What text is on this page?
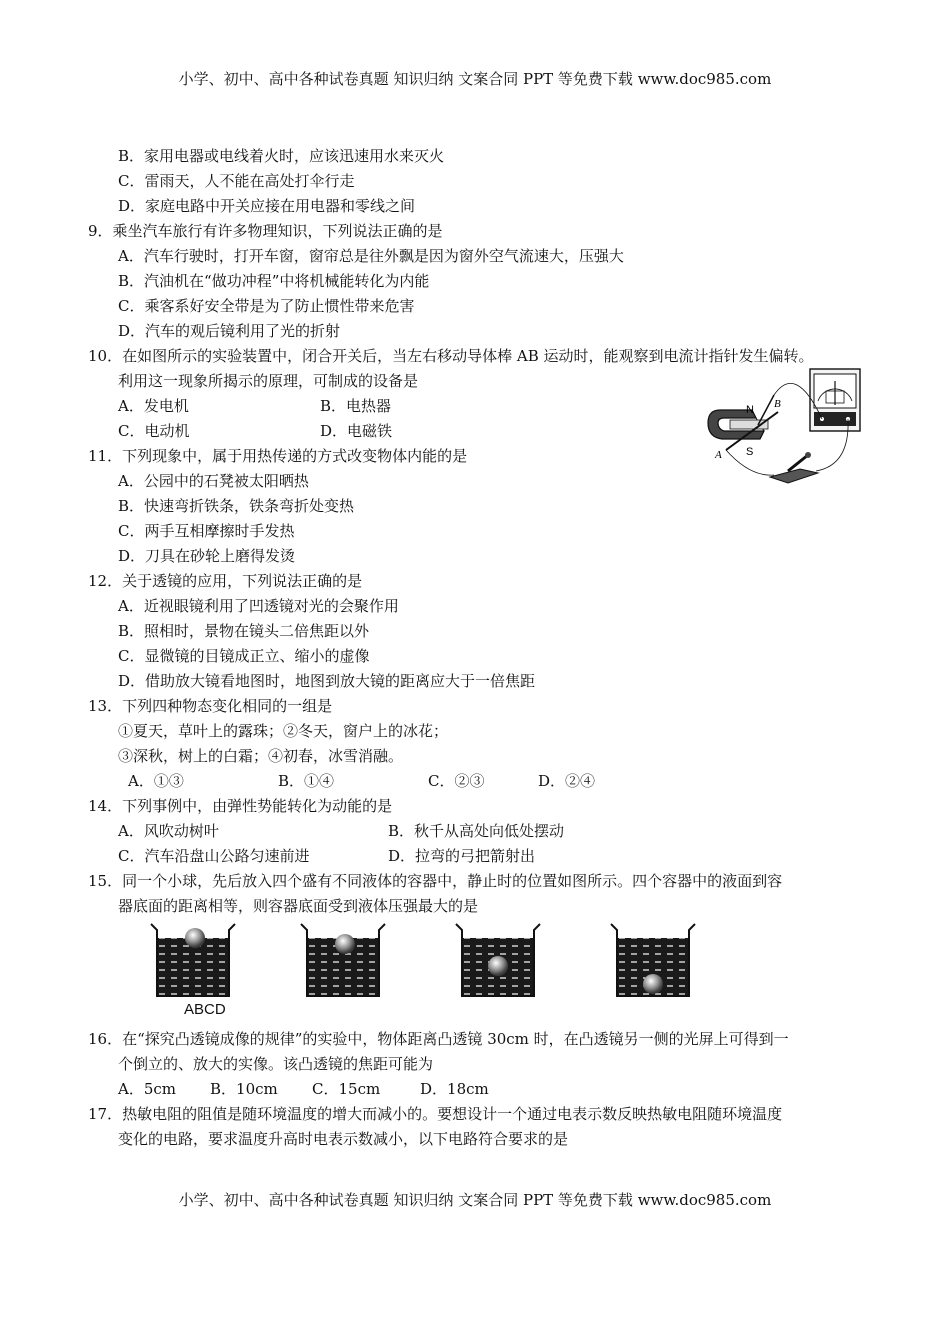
小学、初中、高中各种试卷真题 知识归纳 文案合同 PPT 等免费下载 www.doc985.com
B．家用电器或电线着火时，应该迅速用水来灭火
C．雷雨天，人不能在高处打伞行走
D．家庭电路中开关应接在用电器和零线之间
9．乘坐汽车旅行有许多物理知识，下列说法正确的是
A．汽车行驶时，打开车窗，窗帘总是往外飘是因为窗外空气流速大，压强大
B．汽油机在“做功冲程”中将机械能转化为内能
C．乘客系好安全带是为了防止惯性带来危害
D．汽车的观后镜利用了光的折射
10．在如图所示的实验装置中，闭合开关后，当左右移动导体棒 AB 运动时，能观察到电流计指针发生偏转。
利用这一现象所揭示的原理，可制成的设备是
A．发电机	B．电热器
C．电动机	D．电磁铁
N
S
A
B
11．下列现象中，属于用热传递的方式改变物体内能的是
A．公园中的石凳被太阳晒热
B．快速弯折铁条，铁条弯折处变热
C．两手互相摩擦时手发热
D．刀具在砂轮上磨得发烫
12．关于透镜的应用，下列说法正确的是
A．近视眼镜利用了凹透镜对光的会聚作用
B．照相时，景物在镜头二倍焦距以外
C．显微镜的目镜成正立、缩小的虚像
D．借助放大镜看地图时，地图到放大镜的距离应大于一倍焦距
13．下列四种物态变化相同的一组是
①夏天，草叶上的露珠；②冬天，窗户上的冰花；
③深秋，树上的白霜；④初春，冰雪消融。
A．①③	B．①④	C．②③	D．②④
14．下列事例中，由弹性势能转化为动能的是
A．风吹动树叶	B．秋千从高处向低处摆动
C．汽车沿盘山公路匀速前进	D．拉弯的弓把箭射出
15．同一个小球，先后放入四个盛有不同液体的容器中，静止时的位置如图所示。四个容器中的液面到容
器底面的距离相等，则容器底面受到液体压强最大的是
ABCD
16．在“探究凸透镜成像的规律”的实验中，物体距离凸透镜 30cm 时，在凸透镜另一侧的光屏上可得到一
个倒立的、放大的实像。该凸透镜的焦距可能为
A．5cm B．10cm C．15cm	D．18cm
17．热敏电阻的阻值是随环境温度的增大而减小的。要想设计一个通过电表示数反映热敏电阻随环境温度
变化的电路，要求温度升高时电表示数减小，以下电路符合要求的是
小学、初中、高中各种试卷真题 知识归纳 文案合同 PPT 等免费下载 www.doc985.com
